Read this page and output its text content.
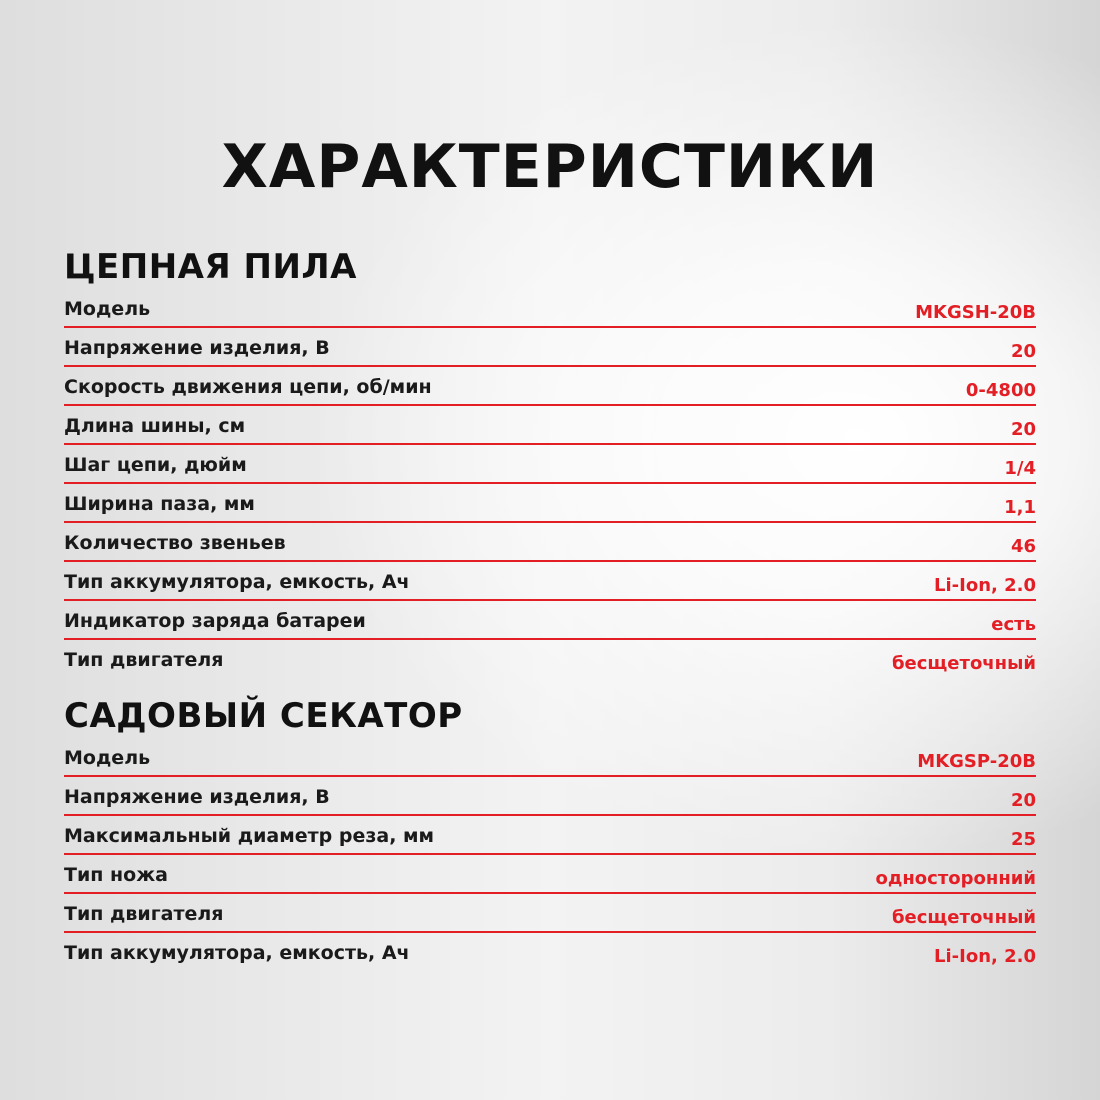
ХАРАКТЕРИСТИКИ
ЦЕПНАЯ ПИЛА
Модель	MKGSH-20B
Напряжение изделия, В	20
Скорость движения цепи, об/мин	0-4800
Длина шины, см	20
Шаг цепи, дюйм	1/4
Ширина паза, мм	1,1
Количество звеньев	46
Тип аккумулятора, емкость, Ач	Li-Ion, 2.0
Индикатор заряда батареи	есть
Тип двигателя	бесщеточный
САДОВЫЙ СЕКАТОР
Модель	MKGSP-20B
Напряжение изделия, В	20
Максимальный диаметр реза, мм	25
Тип ножа	односторонний
Тип двигателя	бесщеточный
Тип аккумулятора, емкость, Ач	Li-Ion, 2.0
